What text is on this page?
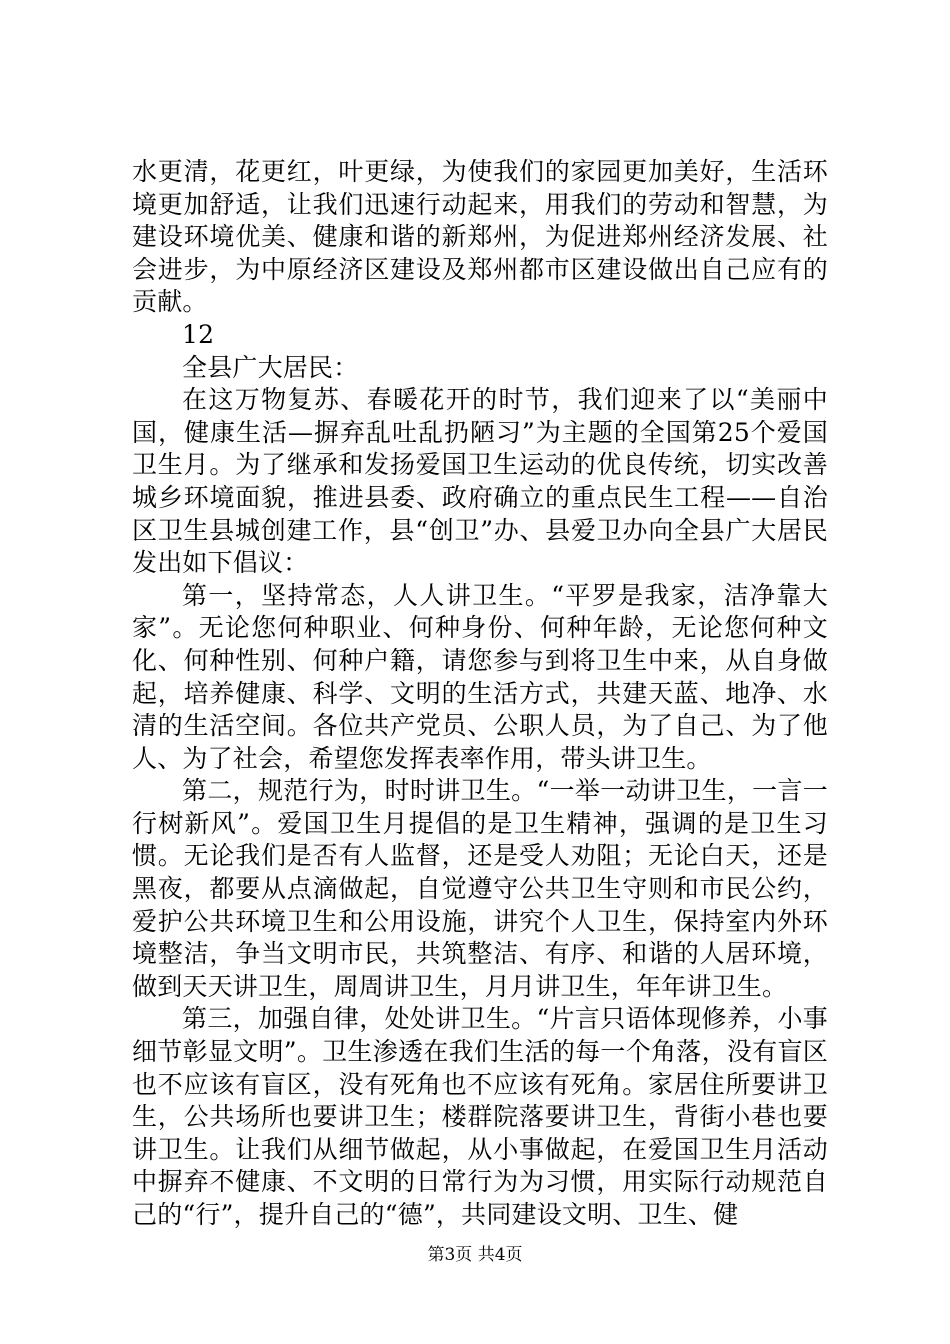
水更清，花更红，叶更绿，为使我们的家园更加美好，生活环境更加舒适，让我们迅速行动起来，用我们的劳动和智慧，为建设环境优美、健康和谐的新郑州，为促进郑州经济发展、社会进步，为中原经济区建设及郑州都市区建设做出自己应有的贡献。

12

全县广大居民：

在这万物复苏、春暖花开的时节，我们迎来了以“美丽中国，健康生活—摒弃乱吐乱扔陋习”为主题的全国第25个爱国卫生月。为了继承和发扬爱国卫生运动的优良传统，切实改善城乡环境面貌，推进县委、政府确立的重点民生工程——自治区卫生县城创建工作，县“创卫”办、县爱卫办向全县广大居民发出如下倡议：

第一，坚持常态，人人讲卫生。“平罗是我家，洁净靠大家”。无论您何种职业、何种身份、何种年龄，无论您何种文化、何种性别、何种户籍，请您参与到将卫生中来，从自身做起，培养健康、科学、文明的生活方式，共建天蓝、地净、水清的生活空间。各位共产党员、公职人员，为了自己、为了他人、为了社会，希望您发挥表率作用，带头讲卫生。

第二，规范行为，时时讲卫生。“一举一动讲卫生，一言一行树新风”。爱国卫生月提倡的是卫生精神，强调的是卫生习惯。无论我们是否有人监督，还是受人劝阻；无论白天，还是黑夜，都要从点滴做起，自觉遵守公共卫生守则和市民公约，爱护公共环境卫生和公用设施，讲究个人卫生，保持室内外环境整洁，争当文明市民，共筑整洁、有序、和谐的人居环境，做到天天讲卫生，周周讲卫生，月月讲卫生，年年讲卫生。

第三，加强自律，处处讲卫生。“片言只语体现修养，小事细节彰显文明”。卫生渗透在我们生活的每一个角落，没有盲区也不应该有盲区，没有死角也不应该有死角。家居住所要讲卫生，公共场所也要讲卫生；楼群院落要讲卫生，背街小巷也要讲卫生。让我们从细节做起，从小事做起，在爱国卫生月活动中摒弃不健康、不文明的日常行为为习惯，用实际行动规范自己的“行”，提升自己的“德”，共同建设文明、卫生、健

第3页 共4页
